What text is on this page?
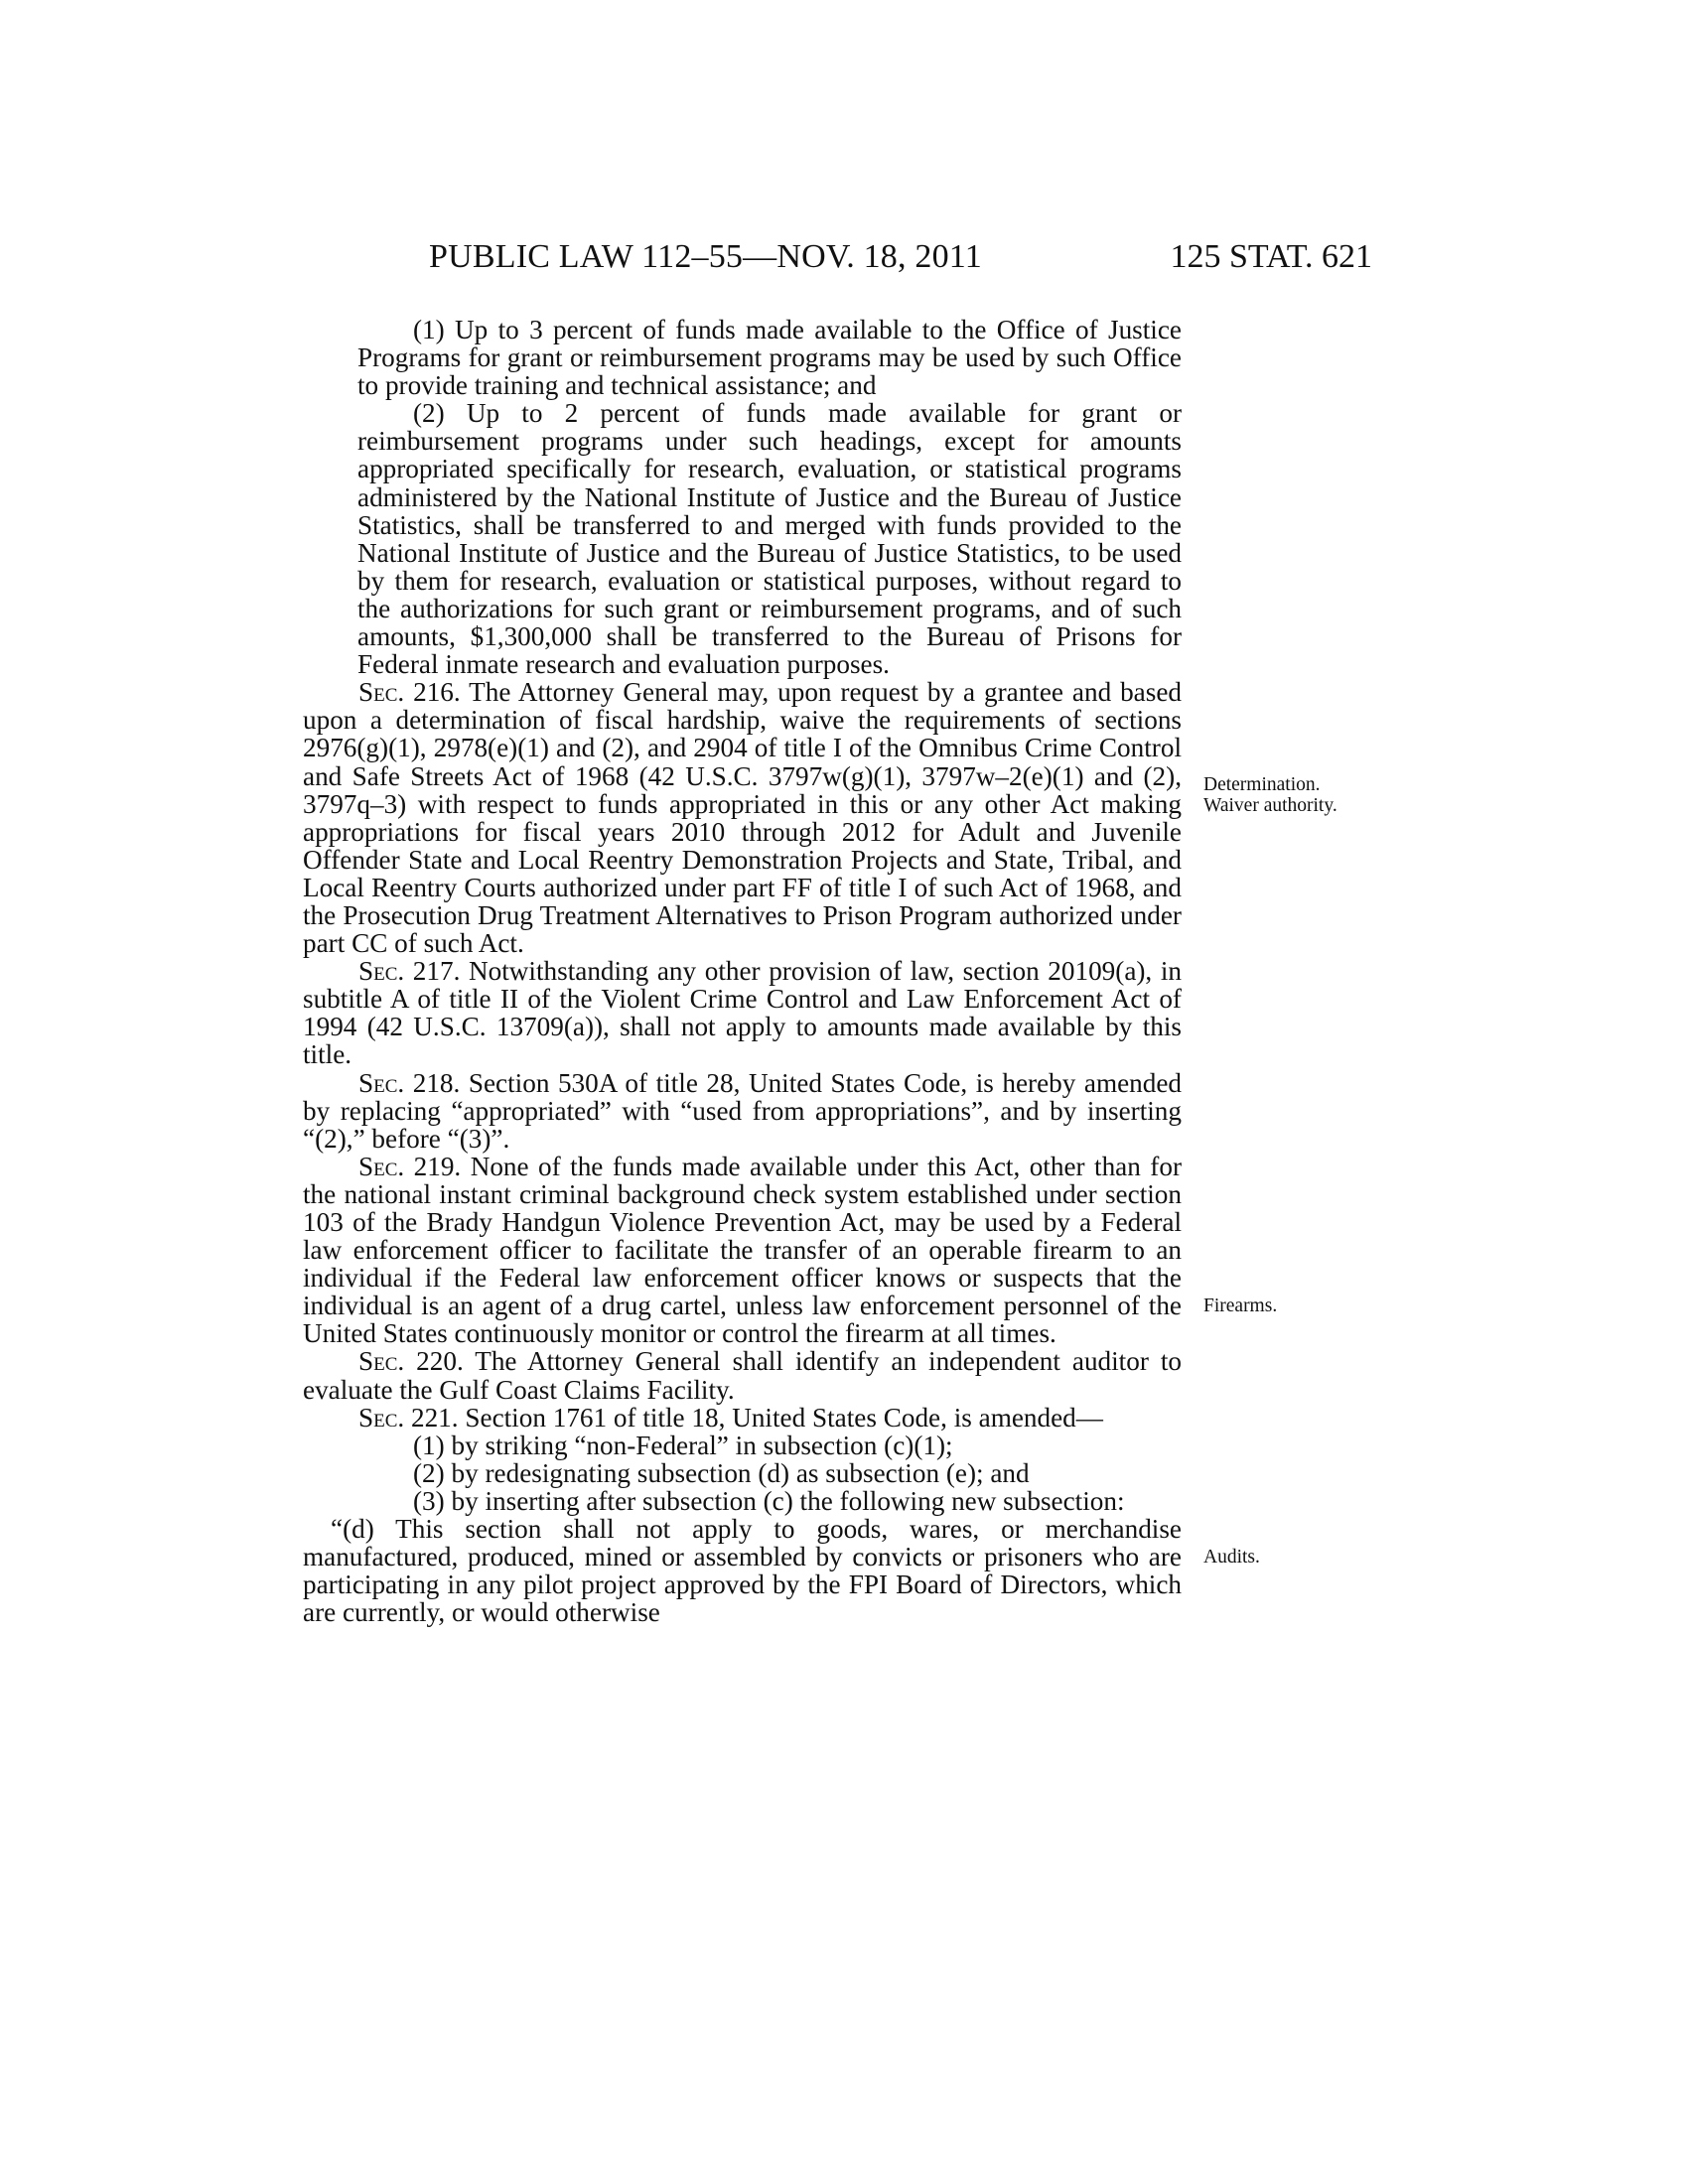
PUBLIC LAW 112–55—NOV. 18, 2011	125 STAT. 621
Determination.
Waiver authority.
Firearms.
Audits.

(1) Up to 3 percent of funds made available to the Office of Justice Programs for grant or reimbursement programs may be used by such Office to provide training and technical assistance; and

(2) Up to 2 percent of funds made available for grant or reimbursement programs under such headings, except for amounts appropriated specifically for research, evaluation, or statistical programs administered by the National Institute of Justice and the Bureau of Justice Statistics, shall be transferred to and merged with funds provided to the National Institute of Justice and the Bureau of Justice Statistics, to be used by them for research, evaluation or statistical purposes, without regard to the authorizations for such grant or reimbursement programs, and of such amounts, $1,300,000 shall be transferred to the Bureau of Prisons for Federal inmate research and evaluation purposes.

Sec. 216. The Attorney General may, upon request by a grantee and based upon a determination of fiscal hardship, waive the requirements of sections 2976(g)(1), 2978(e)(1) and (2), and 2904 of title I of the Omnibus Crime Control and Safe Streets Act of 1968 (42 U.S.C. 3797w(g)(1), 3797w–2(e)(1) and (2), 3797q–3) with respect to funds appropriated in this or any other Act making appropriations for fiscal years 2010 through 2012 for Adult and Juvenile Offender State and Local Reentry Demonstration Projects and State, Tribal, and Local Reentry Courts authorized under part FF of title I of such Act of 1968, and the Prosecution Drug Treatment Alternatives to Prison Program authorized under part CC of such Act.

Sec. 217. Notwithstanding any other provision of law, section 20109(a), in subtitle A of title II of the Violent Crime Control and Law Enforcement Act of 1994 (42 U.S.C. 13709(a)), shall not apply to amounts made available by this title.

Sec. 218. Section 530A of title 28, United States Code, is hereby amended by replacing “appropriated” with “used from appropriations”, and by inserting “(2),” before “(3)”.

Sec. 219. None of the funds made available under this Act, other than for the national instant criminal background check system established under section 103 of the Brady Handgun Violence Prevention Act, may be used by a Federal law enforcement officer to facilitate the transfer of an operable firearm to an individual if the Federal law enforcement officer knows or suspects that the individual is an agent of a drug cartel, unless law enforcement personnel of the United States continuously monitor or control the firearm at all times.

Sec. 220. The Attorney General shall identify an independent auditor to evaluate the Gulf Coast Claims Facility.

Sec. 221. Section 1761 of title 18, United States Code, is amended—

(1) by striking “non-Federal” in subsection (c)(1);

(2) by redesignating subsection (d) as subsection (e); and

(3) by inserting after subsection (c) the following new subsection:

“(d) This section shall not apply to goods, wares, or merchandise manufactured, produced, mined or assembled by convicts or prisoners who are participating in any pilot project approved by the FPI Board of Directors, which are currently, or would otherwise
